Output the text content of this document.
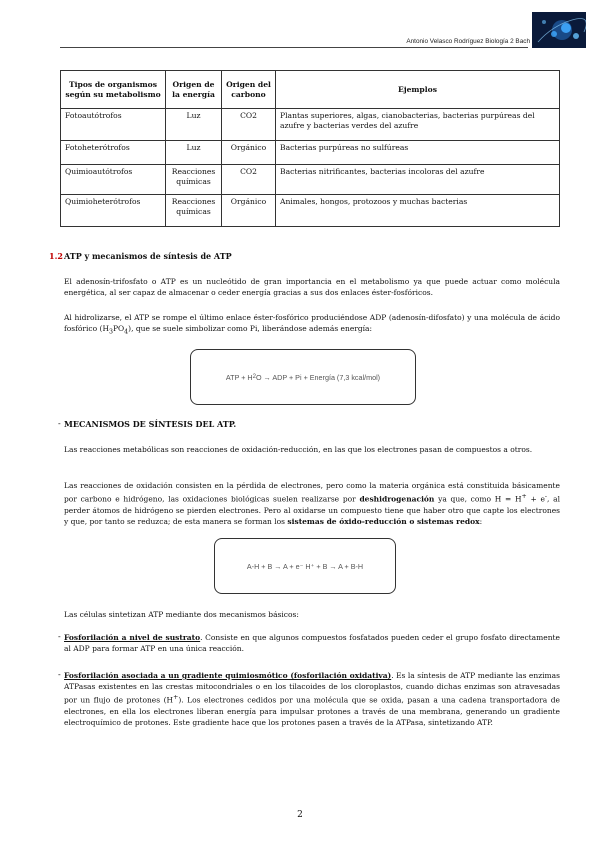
Antonio Velasco Rodríguez Biología 2 Bach
Tipos de organismos según su metabolismo	Origen de la energía	Origen del carbono	Ejemplos
Fotoautótrofos	Luz	CO2	Plantas superiores, algas, cianobacterias, bacterias purpúreas del azufre y bacterias verdes del azufre
Fotoheterótrofos	Luz	Orgánico	Bacterias purpúreas no sulfúreas
Quimioautótrofos	Reacciones químicas	CO2	Bacterias nitrificantes, bacterias incoloras del azufre
Quimioheterótrofos	Reacciones químicas	Orgánico	Animales, hongos, protozoos y muchas bacterias
1.2 ATP y mecanismos de síntesis de ATP
El adenosín-trifosfato o ATP es un nucleótido de gran importancia en el metabolismo ya que puede actuar como molécula energética, al ser capaz de almacenar o ceder energía gracias a sus dos enlaces éster-fosfóricos.
Al hidrolizarse, el ATP se rompe el último enlace éster-fosfórico produciéndose ADP (adenosín-difosfato) y una molécula de ácido fosfórico $(H_3PO_4)$, que se suele simbolizar como Pi, liberándose además energía:
ATP + H 2 O → ADP + Pi + Energía (7,3 kcal/mol)
- MECANISMOS DE SÍNTESIS DEL ATP.
Las reacciones metabólicas son reacciones de oxidación-reducción, en las que los electrones pasan de compuestos a otros.
Las reacciones de oxidación consisten en la pérdida de electrones, pero como la materia orgánica está constituida básicamente por carbono e hidrógeno, las oxidaciones biológicas suelen realizarse por deshidrogenación ya que, como H = H+ + e-, al perder átomos de hidrógeno se pierden electrones. Pero al oxidarse un compuesto tiene que haber otro que capte los electrones y que, por tanto se reduzca; de esta manera se forman los sistemas de óxido-reducción o sistemas redox:
A-H + B → A + e⁻ H⁺ + B → A + B-H
Las células sintetizan ATP mediante dos mecanismos básicos:
- Fosforilación a nivel de sustrato. Consiste en que algunos compuestos fosfatados pueden ceder el grupo fosfato directamente al ADP para formar ATP en una única reacción.
- Fosforilación asociada a un gradiente quimiosmótico (fosforilación oxidativa). Es la síntesis de ATP mediante las enzimas ATPasas existentes en las crestas mitocondriales o en los tilacoides de los cloroplastos, cuando dichas enzimas son atravesadas por un flujo de protones (H+). Los electrones cedidos por una molécula que se oxida, pasan a una cadena transportadora de electrones, en ella los electrones liberan energía para impulsar protones a través de una membrana, generando un gradiente electroquímico de protones. Este gradiente hace que los protones pasen a través de la ATPasa, sintetizando ATP.
2
